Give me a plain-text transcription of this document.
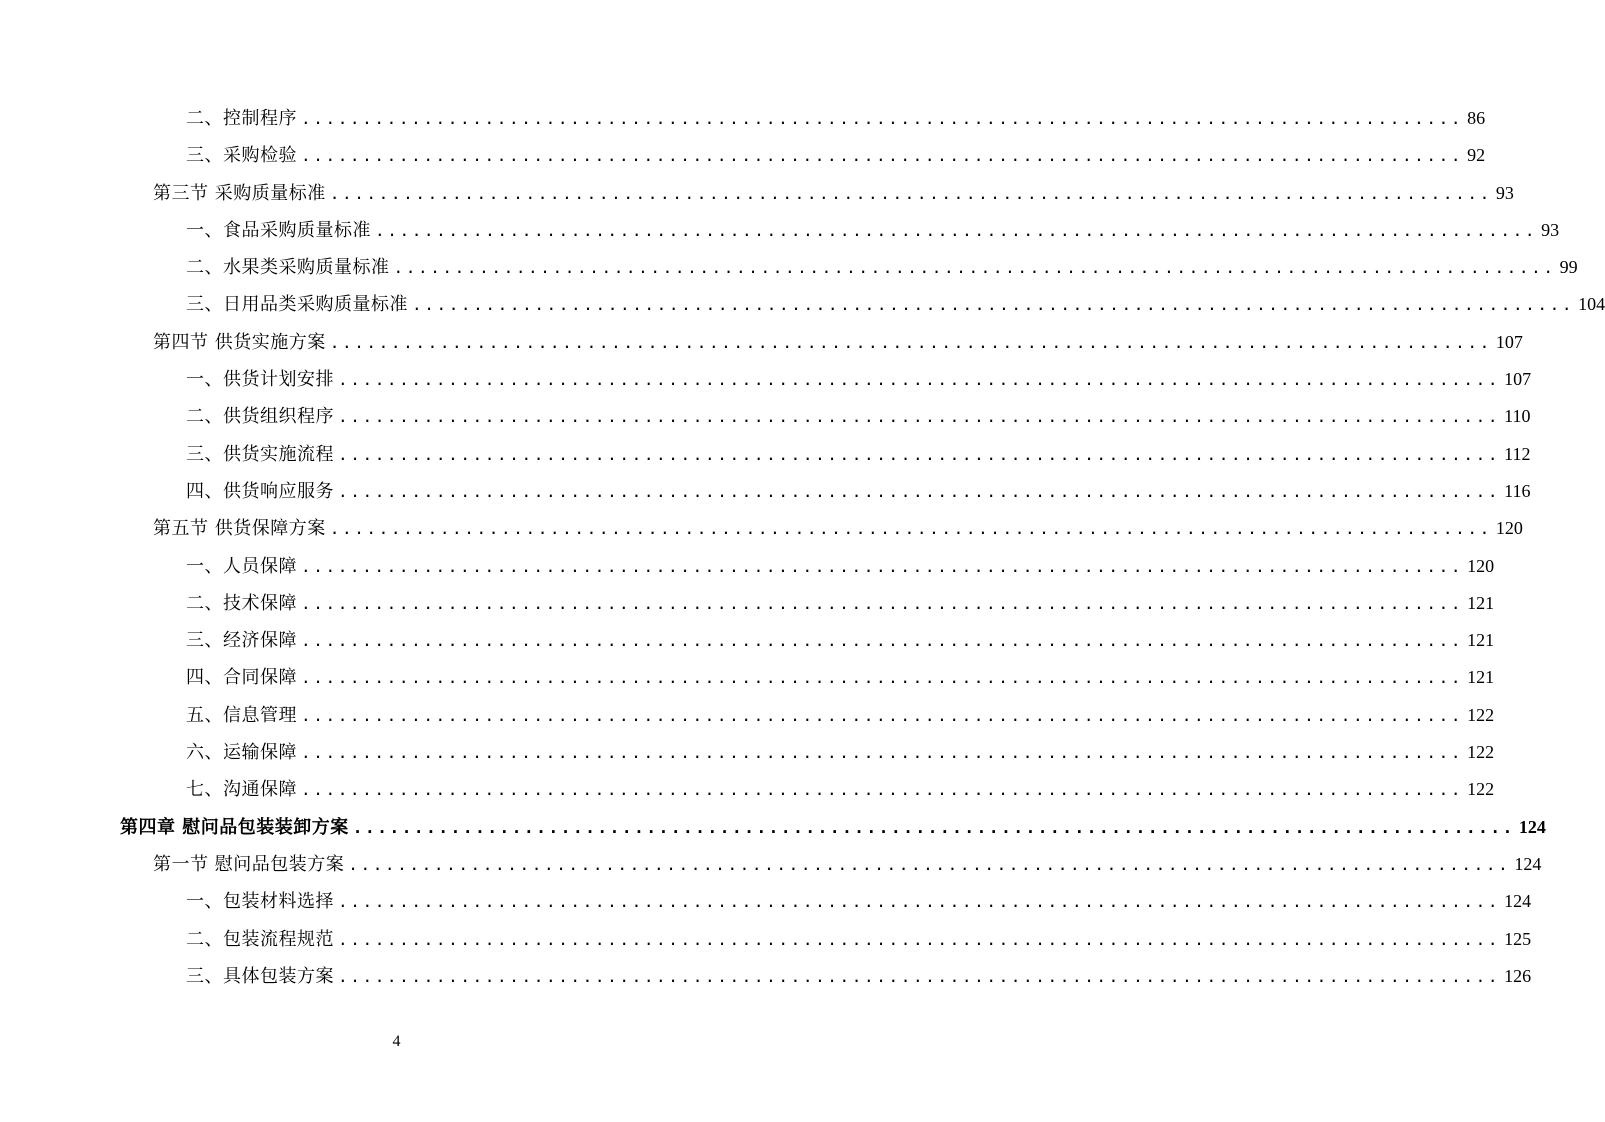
二、控制程序 ............................................................................................... 86
三、采购检验 ............................................................................................... 92
第三节 采购质量标准 ............................................................................................... 93
一、食品采购质量标准 ............................................................................................... 93
二、水果类采购质量标准 ............................................................................................... 99
三、日用品类采购质量标准 ............................................................................................... 104
第四节 供货实施方案 ............................................................................................... 107
一、供货计划安排 ............................................................................................... 107
二、供货组织程序 ............................................................................................... 110
三、供货实施流程 ............................................................................................... 112
四、供货响应服务 ............................................................................................... 116
第五节 供货保障方案 ............................................................................................... 120
一、人员保障 ............................................................................................... 120
二、技术保障 ............................................................................................... 121
三、经济保障 ............................................................................................... 121
四、合同保障 ............................................................................................... 121
五、信息管理 ............................................................................................... 122
六、运输保障 ............................................................................................... 122
七、沟通保障 ............................................................................................... 122
第四章 慰问品包装装卸方案 ............................................................................................... 124
第一节 慰问品包装方案 ............................................................................................... 124
一、包装材料选择 ............................................................................................... 124
二、包装流程规范 ............................................................................................... 125
三、具体包装方案 ............................................................................................... 126
4
